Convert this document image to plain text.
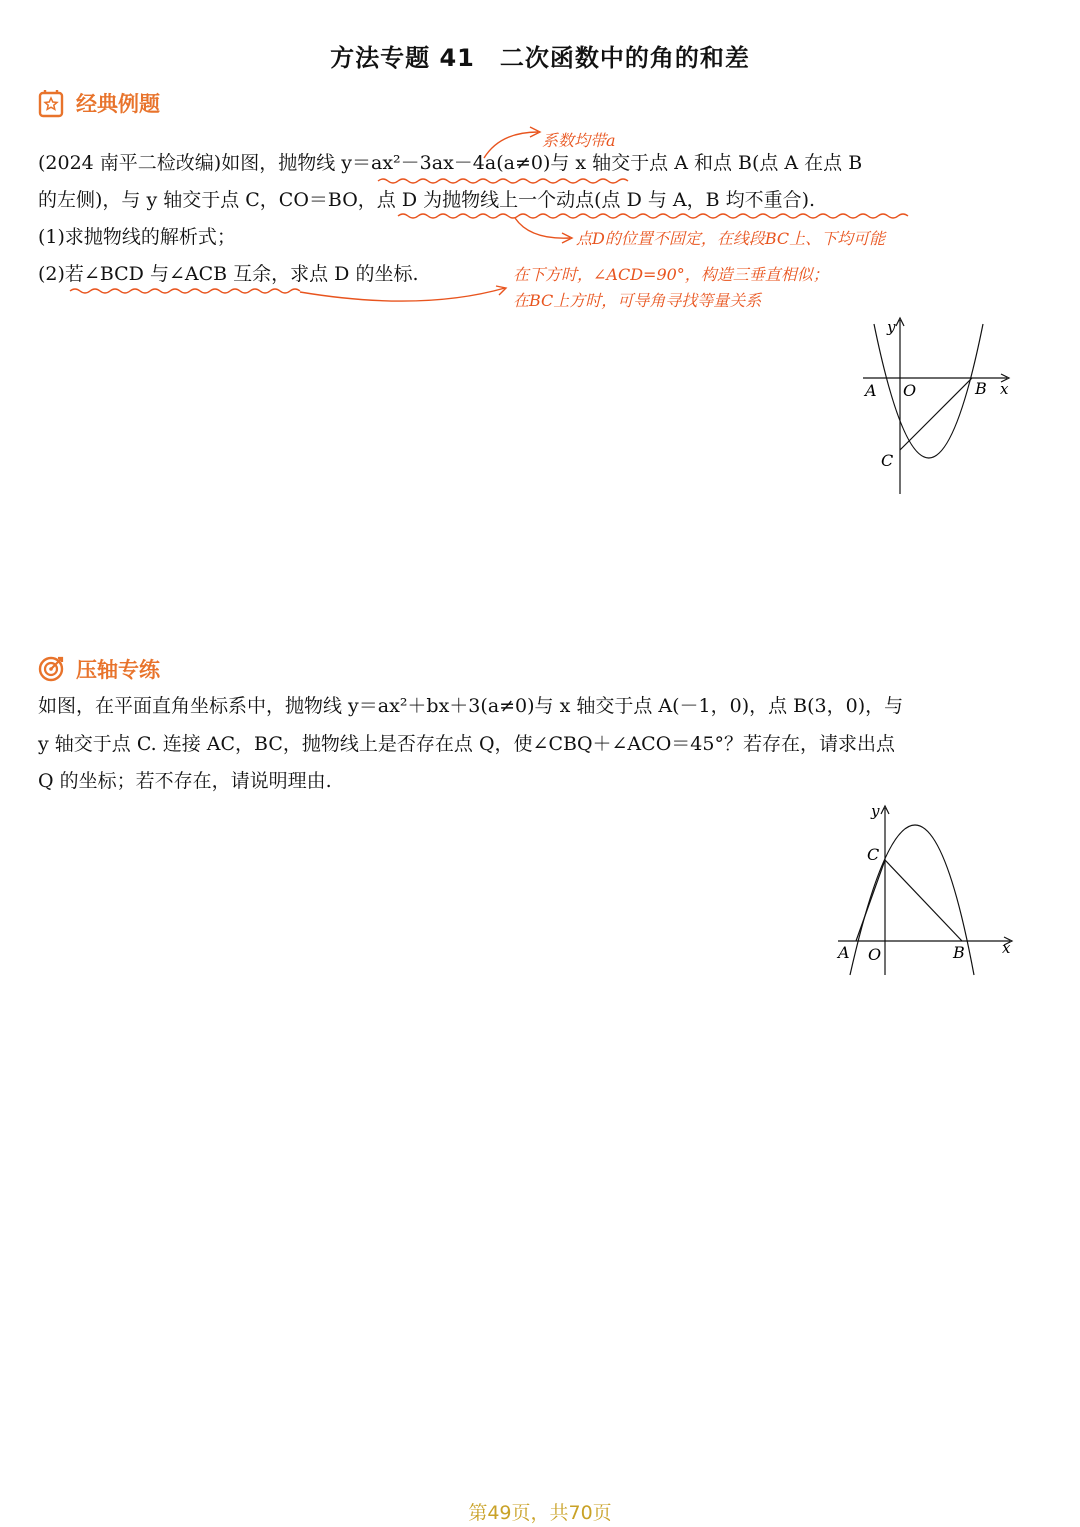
方法专题 41　二次函数中的角的和差
经典例题
(2024 南平二检改编)如图，抛物线 y＝ax²－3ax－4a(a≠0)与 x 轴交于点 A 和点 B(点 A 在点 B
的左侧)，与 y 轴交于点 C，CO＝BO，点 D 为抛物线上一个动点(点 D 与 A，B 均不重合).
(1)求抛物线的解析式；
(2)若∠BCD 与∠ACB 互余，求点 D 的坐标.
系数均带a
点D的位置不固定，在线段BC上、下均可能
在下方时，∠ACD=90°，构造三垂直相似；
在BC上方时，可导角寻找等量关系
y
x
A O	B
C
压轴专练
如图，在平面直角坐标系中，抛物线 y＝ax²＋bx＋3(a≠0)与 x 轴交于点 A(－1，0)，点 B(3，0)，与
y 轴交于点 C. 连接 AC，BC，抛物线上是否存在点 Q，使∠CBQ＋∠ACO＝45°？若存在，请求出点
Q 的坐标；若不存在，请说明理由.
y
x
A O	B
C
第49页，共70页
